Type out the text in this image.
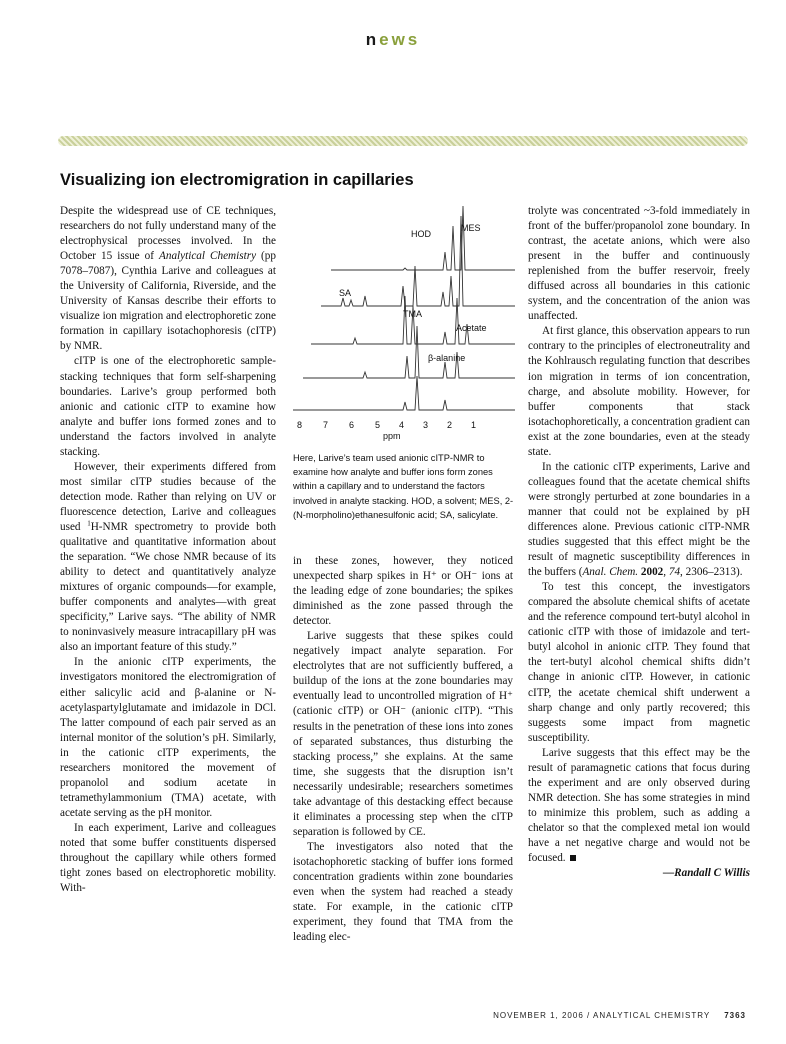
news
Visualizing ion electromigration in capillaries

Despite the widespread use of CE techniques, researchers do not fully understand many of the electrophysical processes involved. In the October 15 issue of Analytical Chemistry (pp 7078–7087), Cynthia Larive and colleagues at the University of California, Riverside, and the University of Kansas describe their efforts to visualize ion migration and electrophoretic zone formation in capillary isotachophoresis (cITP) by NMR.

cITP is one of the electrophoretic sample-stacking techniques that form self-sharpening boundaries. Larive’s group performed both anionic and cationic cITP to examine how analyte and buffer ions formed zones and to understand the factors involved in analyte stacking.

However, their experiments differed from most similar cITP studies because of the detection mode. Rather than relying on UV or fluorescence detection, Larive and colleagues used $^1$H-NMR spectrometry to provide both qualitative and quantitative information about the separation. “We chose NMR because of its ability to detect and quantitatively analyze mixtures of organic compounds—for example, buffer components and analytes—with great specificity,” Larive says. “The ability of NMR to noninvasively measure intracapillary pH was also an important feature of this study.”

In the anionic cITP experiments, the investigators monitored the electromigration of either salicylic acid and β-alanine or N-acetylaspartylglutamate and imidazole in DCl. The latter compound of each pair served as an internal monitor of the solution’s pH. Similarly, in the cationic cITP experiments, the researchers monitored the movement of propanolol and sodium acetate in tetramethylammonium (TMA) acetate, with acetate serving as the pH monitor.

In each experiment, Larive and colleagues noted that some buffer constituents dispersed throughout the capillary while others formed tight zones based on electrophoretic mobility. With-

HOD
MES
SA
TMA
Acetate
β-alanine
8 7 6 5 4 3 2 1
ppm
Here, Larive’s team used anionic cITP-NMR to examine how analyte and buffer ions form zones within a capillary and to understand the factors involved in analyte stacking. HOD, a solvent; MES, 2-(N-morpholino)ethanesulfonic acid; SA, salicylate.

in these zones, however, they noticed unexpected sharp spikes in H⁺ or OH⁻ ions at the leading edge of zone boundaries; the spikes diminished as the zone passed through the detector.

Larive suggests that these spikes could negatively impact analyte separation. For electrolytes that are not sufficiently buffered, a buildup of the ions at the zone boundaries may eventually lead to uncontrolled migration of H⁺ (cationic cITP) or OH⁻ (anionic cITP). “This results in the penetration of these ions into zones of separated substances, thus disturbing the stacking process,” she explains. At the same time, she suggests that the disruption isn’t necessarily undesirable; researchers sometimes take advantage of this destacking effect because it eliminates a processing step when the cITP separation is followed by CE.

The investigators also noted that the isotachophoretic stacking of buffer ions formed concentration gradients within zone boundaries even when the system had reached a steady state. For example, in the cationic cITP experiment, they found that TMA from the leading elec-

trolyte was concentrated ~3-fold immediately in front of the buffer/propanolol zone boundary. In contrast, the acetate anions, which were also present in the buffer and continuously replenished from the buffer reservoir, freely diffused across all boundaries in this cationic system, and the concentration of the anion was unaffected.

At first glance, this observation appears to run contrary to the principles of electroneutrality and the Kohlrausch regulating function that describes ion migration in terms of ion concentration, charge, and absolute mobility. However, for buffer components that stack isotachophoretically, a concentration gradient can exist at the zone boundaries, even at the steady state.

In the cationic cITP experiments, Larive and colleagues found that the acetate chemical shifts were strongly perturbed at zone boundaries in a manner that could not be explained by pH differences alone. Previous cationic cITP-NMR studies suggested that this effect might be the result of magnetic susceptibility differences in the buffers (Anal. Chem. 2002, 74, 2306–2313).

To test this concept, the investigators compared the absolute chemical shifts of acetate and the reference compound tert-butyl alcohol in cationic cITP with those of imidazole and tert-butyl alcohol in anionic cITP. They found that the tert-butyl alcohol chemical shifts didn’t change in anionic cITP. However, in cationic cITP, the acetate chemical shift underwent a sharp change and only partly recovered; this suggests some impact from magnetic susceptibility.

Larive suggests that this effect may be the result of paramagnetic cations that focus during the experiment and are only observed during NMR detection. She has some strategies in mind to minimize this problem, such as adding a chelator so that the complexed metal ion would have a net negative charge and would not be focused.

—Randall C Willis

NOVEMBER 1, 2006 / ANALYTICAL CHEMISTRY 7363
